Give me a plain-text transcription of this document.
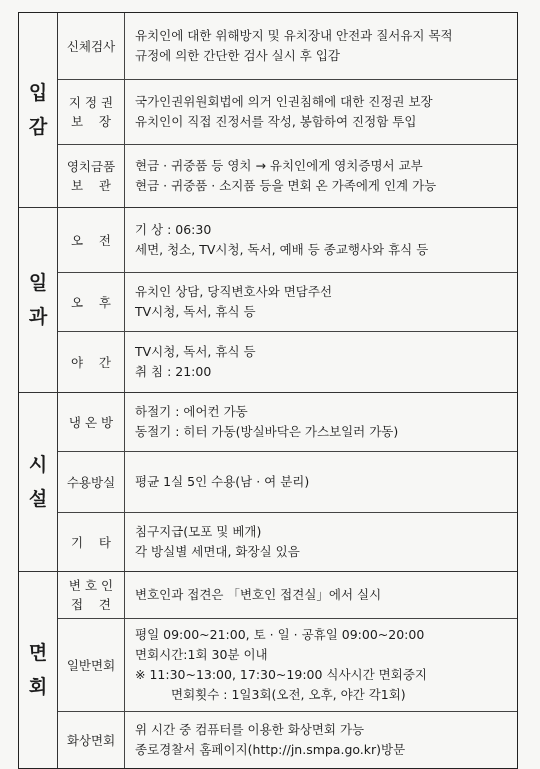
입
감
신체검사
유치인에 대한 위해방지 및 유치장내 안전과 질서유지 목적
규정에 의한 간단한 검사 실시 후 입감
지 정 권
보    장
국가인권위원회법에 의거 인권침해에 대한 진정권 보장
유치인이 직접 진정서를 작성, 봉함하여 진정함 투입
영치금품
보    관
현금 · 귀중품 등 영치 → 유치인에게 영치증명서 교부
현금 · 귀중품 · 소지품 등을 면회 온 가족에게 인계 가능
일
과
오    전
기 상 : 06:30
세면, 청소, TV시청, 독서, 예배 등 종교행사와 휴식 등
오    후
유치인 상담, 당직변호사와 면담주선
TV시청, 독서, 휴식 등
야    간
TV시청, 독서, 휴식 등
취 침 : 21:00
시
설
냉 온 방
하절기 : 에어컨 가동
동절기 : 히터 가동(방실바닥은 가스보일러 가동)
수용방실 평균 1실 5인 수용(남 · 여 분리)
기    타
침구지급(모포 및 베개)
각 방실별 세면대, 화장실 있음
면
회
변 호 인
접    견
변호인과 접견은 「변호인 접견실」에서 실시
일반면회
평일 09:00~21:00, 토 · 일 · 공휴일 09:00~20:00
면회시간:1회 30분 이내
※ 11:30~13:00, 17:30~19:00 식사시간 면회중지
면회횟수 : 1일3회(오전, 오후, 야간 각1회)
화상면회
위 시간 중 컴퓨터를 이용한 화상면회 가능
종로경찰서 홈페이지(http://jn.smpa.go.kr)방문
